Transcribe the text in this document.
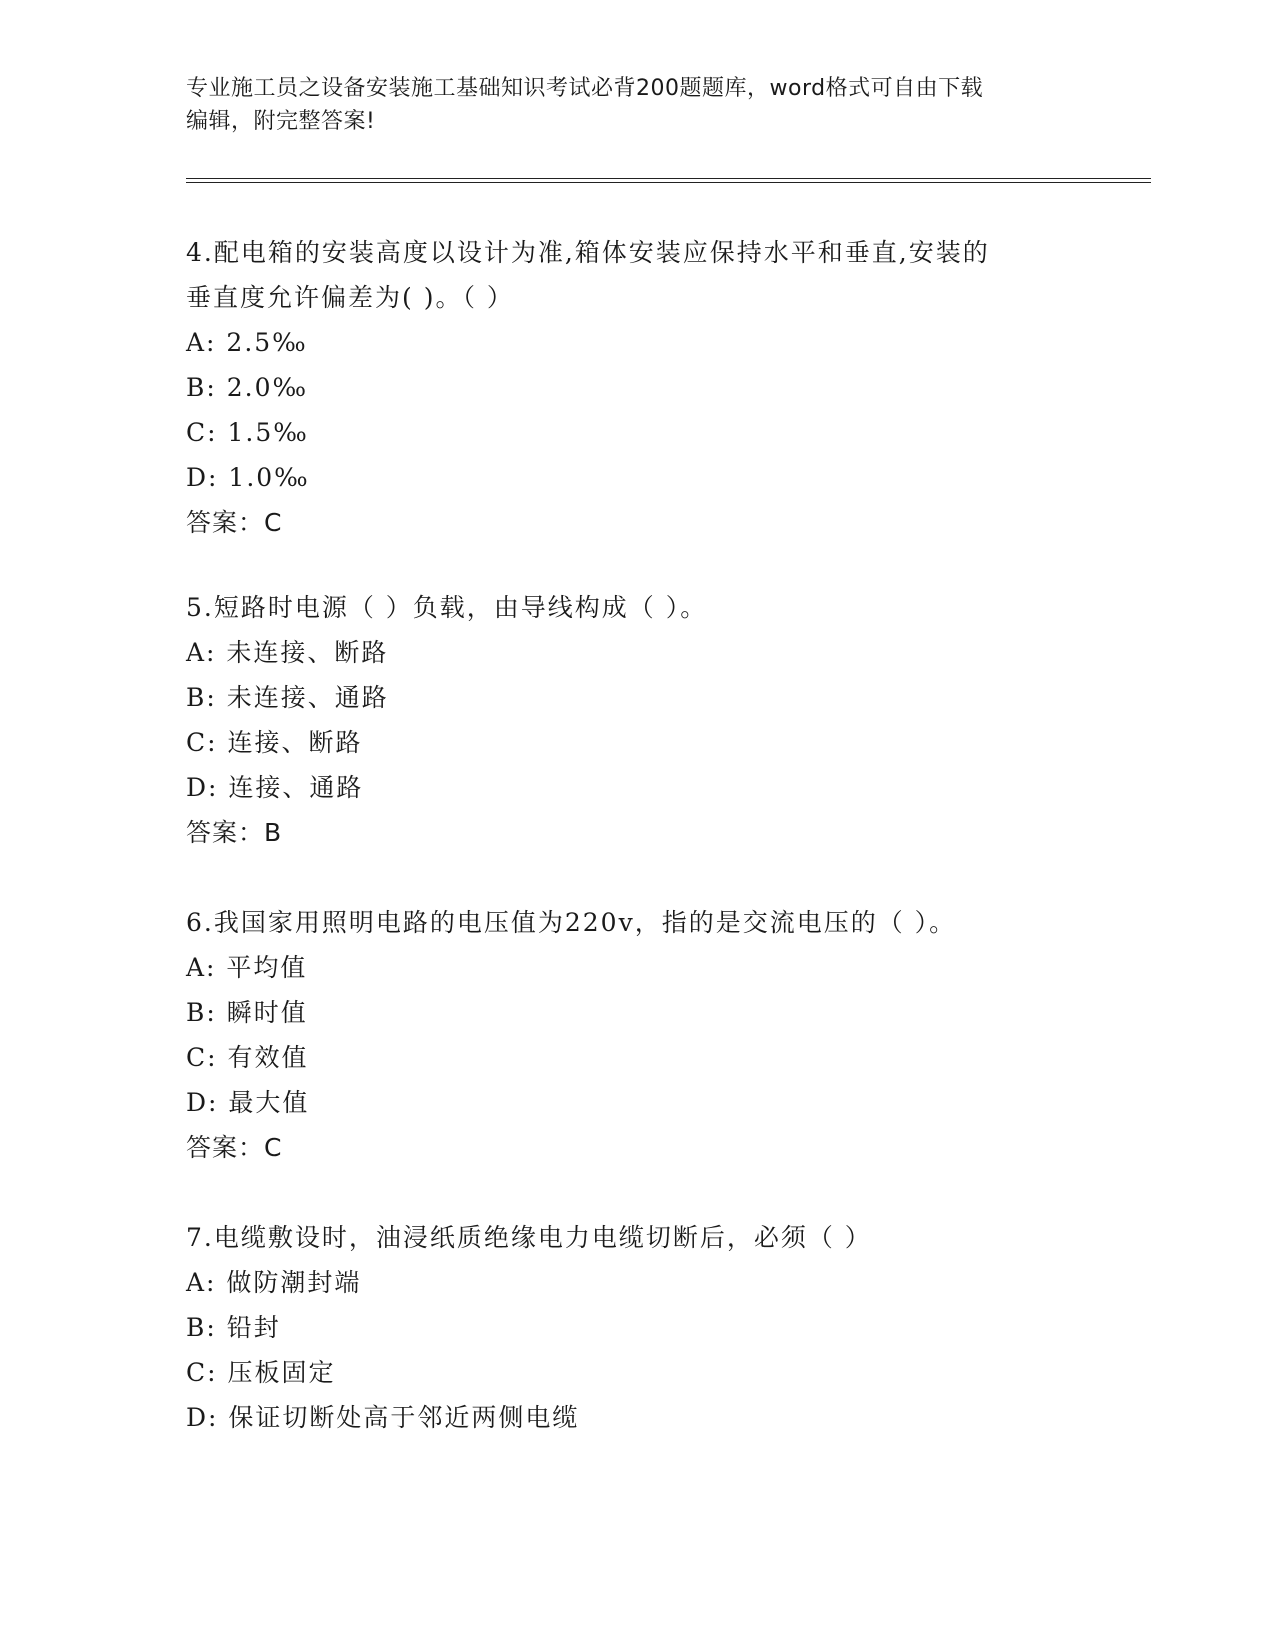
专业施工员之设备安装施工基础知识考试必背200题题库，word格式可自由下载
编辑，附完整答案!

4.配电箱的安装高度以设计为准,箱体安装应保持水平和垂直,安装的

垂直度允许偏差为( )。（ ）

A: 2.5‰

B: 2.0‰

C: 1.5‰

D: 1.0‰

答案：C

5.短路时电源（ ）负载，由导线构成（ ）。

A: 未连接、断路

B: 未连接、通路

C: 连接、断路

D: 连接、通路

答案：B

6.我国家用照明电路的电压值为220v，指的是交流电压的（ ）。

A: 平均值

B: 瞬时值

C: 有效值

D: 最大值

答案：C

7.电缆敷设时，油浸纸质绝缘电力电缆切断后，必须（ ）

A: 做防潮封端

B: 铅封

C: 压板固定

D: 保证切断处高于邻近两侧电缆
